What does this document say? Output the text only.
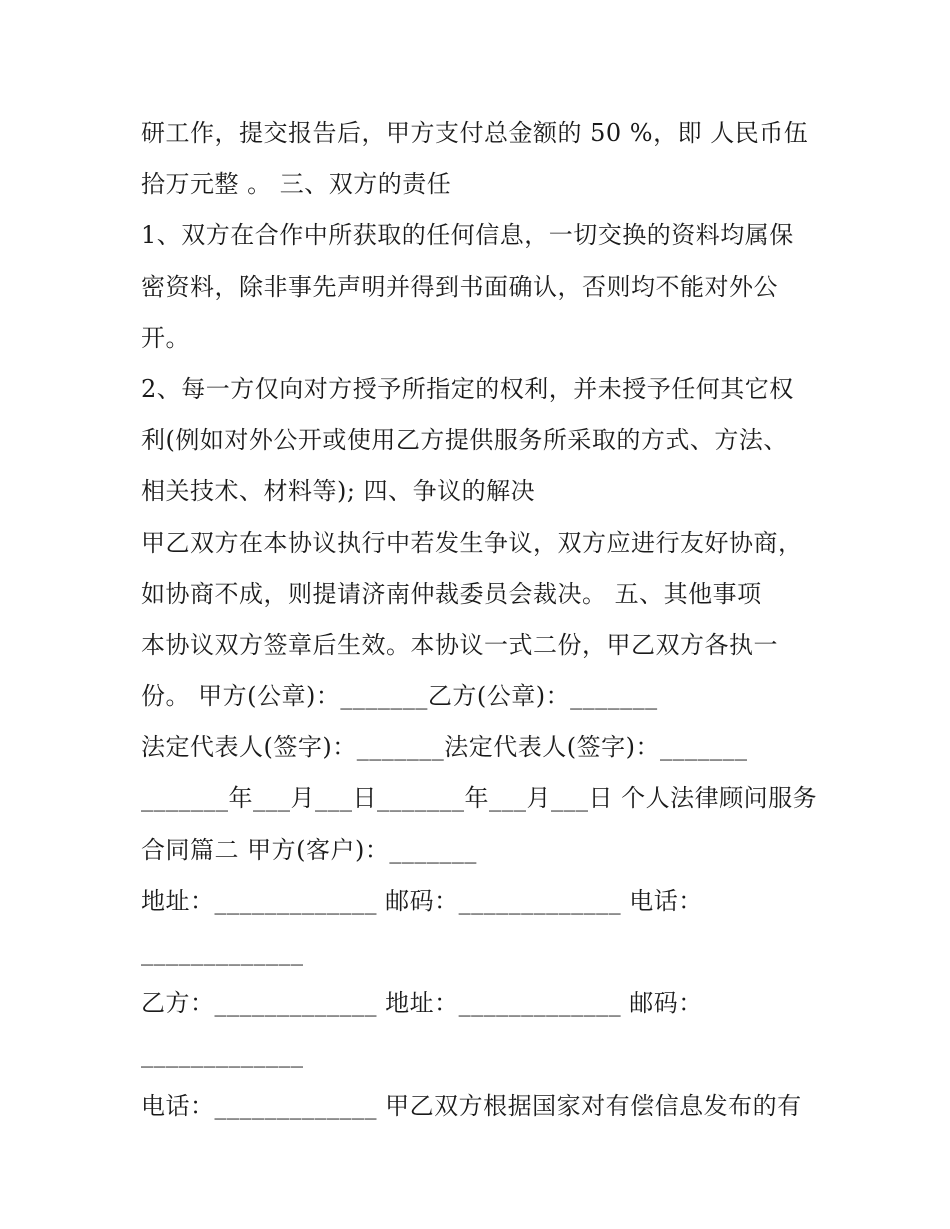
研工作，提交报告后，甲方支付总金额的 50 %，即 人民币伍
拾万元整 。 三、双方的责任
1、双方在合作中所获取的任何信息，一切交换的资料均属保
密资料，除非事先声明并得到书面确认，否则均不能对外公
开。
2、每一方仅向对方授予所指定的权利，并未授予任何其它权
利(例如对外公开或使用乙方提供服务所采取的方式、方法、
相关技术、材料等); 四、争议的解决
甲乙双方在本协议执行中若发生争议，双方应进行友好协商，
如协商不成，则提请济南仲裁委员会裁决。 五、其他事项
本协议双方签章后生效。本协议一式二份，甲乙双方各执一
份。 甲方(公章)：_______乙方(公章)：_______
法定代表人(签字)：_______法定代表人(签字)：_______
_______年___月___日_______年___月___日 个人法律顾问服务
合同篇二 甲方(客户)：_______
地址：_____________ 邮码：_____________ 电话：
_____________
乙方：_____________ 地址：_____________ 邮码：
_____________
电话：_____________ 甲乙双方根据国家对有偿信息发布的有
